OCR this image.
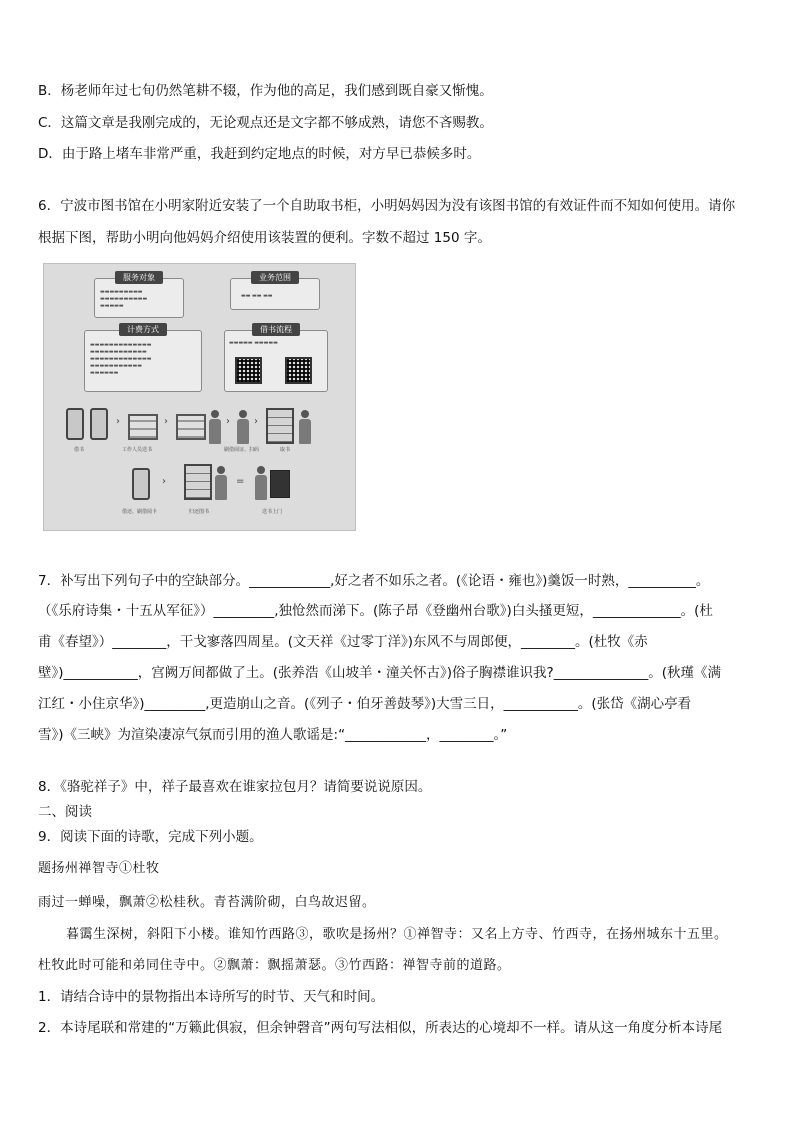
B．杨老师年过七旬仍然笔耕不辍，作为他的高足，我们感到既自豪又惭愧。
C．这篇文章是我刚完成的，无论观点还是文字都不够成熟，请您不吝赐教。
D．由于路上堵车非常严重，我赶到约定地点的时候，对方早已恭候多时。
6．宁波市图书馆在小明家附近安装了一个自助取书柜，小明妈妈因为没有该图书馆的有效证件而不知如何使用。请你
根据下图，帮助小明向他妈妈介绍使用该装置的便利。字数不超过 150 字。
服务对象
▬▬▬▬▬▬▬▬▬
▬▬▬▬▬▬▬▬▬▬
▬▬▬▬▬
业务范围
▬▬ ▬▬ ▬▬
计费方式
▬▬▬▬▬▬▬▬▬▬▬▬▬
▬▬▬▬▬▬▬▬▬▬▬▬
▬▬▬▬▬▬▬▬▬▬▬▬▬
▬▬▬▬▬▬▬▬▬▬▬
▬▬▬▬▬▬
借书流程
▬▬▬▬▬ ▬▬▬▬▬
借书
›
工作人员送书
›	›
刷借阅证、扫码
›
取书
借还、刷借阅卡
›
归还图书
=
送书上门
7．补写出下列句子中的空缺部分。____________,好之者不如乐之者。(《论语・雍也》)羹饭一时熟，__________。
（《乐府诗集・十五从军征》）_________,独怆然而涕下。(陈子昂《登幽州台歌》)白头搔更短，_____________。(杜
甫《春望》）________，干戈寥落四周星。(文天祥《过零丁洋》)东风不与周郎便，________。(杜牧《赤
壁》)___________，宫阙万间都做了土。(张养浩《山坡羊・潼关怀古》)俗子胸襟谁识我?______________。(秋瑾《满
江红・小住京华》)_________,更造崩山之音。(《列子・伯牙善鼓琴》)大雪三日，___________。(张岱《湖心亭看
雪》)《三峡》为渲染凄凉气氛而引用的渔人歌谣是:“____________，________。”
8．《骆驼祥子》中，祥子最喜欢在谁家拉包月？请简要说说原因。
二、阅读
9．阅读下面的诗歌，完成下列小题。
题扬州禅智寺①杜牧
雨过一蝉噪，飘萧②松桂秋。青苔满阶砌，白鸟故迟留。
暮霭生深树，斜阳下小楼。谁知竹西路③，歌吹是扬州？①禅智寺：又名上方寺、竹西寺，在扬州城东十五里。
杜牧此时可能和弟同住寺中。②飘萧：飘摇萧瑟。③竹西路：禅智寺前的道路。
1．请结合诗中的景物指出本诗所写的时节、天气和时间。
2．本诗尾联和常建的“万籁此俱寂，但余钟磬音”两句写法相似，所表达的心境却不一样。请从这一角度分析本诗尾
